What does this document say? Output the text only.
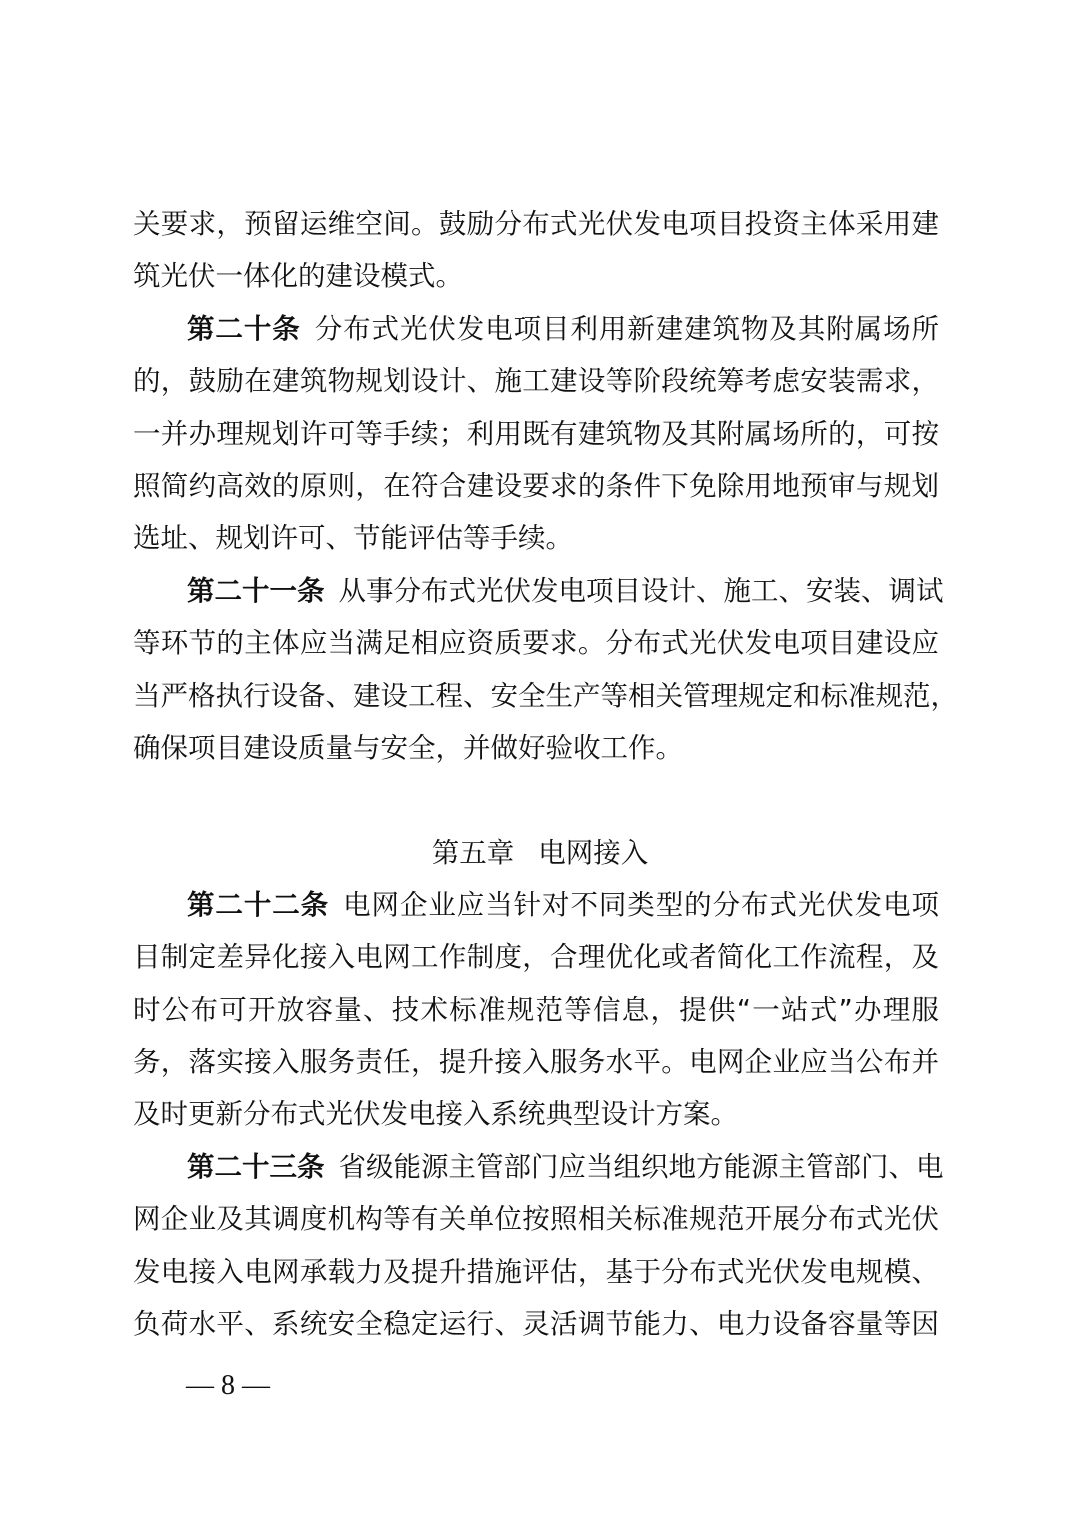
关要求，预留运维空间。鼓励分布式光伏发电项目投资主体采用建
筑光伏一体化的建设模式。
第二十条 分布式光伏发电项目利用新建建筑物及其附属场所
的，鼓励在建筑物规划设计、施工建设等阶段统筹考虑安装需求，
一并办理规划许可等手续；利用既有建筑物及其附属场所的，可按
照简约高效的原则，在符合建设要求的条件下免除用地预审与规划
选址、规划许可、节能评估等手续。
第二十一条 从事分布式光伏发电项目设计、施工、安装、调试
等环节的主体应当满足相应资质要求。分布式光伏发电项目建设应
当严格执行设备、建设工程、安全生产等相关管理规定和标准规范，
确保项目建设质量与安全，并做好验收工作。
第五章 电网接入
第二十二条 电网企业应当针对不同类型的分布式光伏发电项
目制定差异化接入电网工作制度，合理优化或者简化工作流程，及
时公布可开放容量、技术标准规范等信息，提供“一站式”办理服
务，落实接入服务责任，提升接入服务水平。电网企业应当公布并
及时更新分布式光伏发电接入系统典型设计方案。
第二十三条 省级能源主管部门应当组织地方能源主管部门、电
网企业及其调度机构等有关单位按照相关标准规范开展分布式光伏
发电接入电网承载力及提升措施评估，基于分布式光伏发电规模、
负荷水平、系统安全稳定运行、灵活调节能力、电力设备容量等因
— 8 —
